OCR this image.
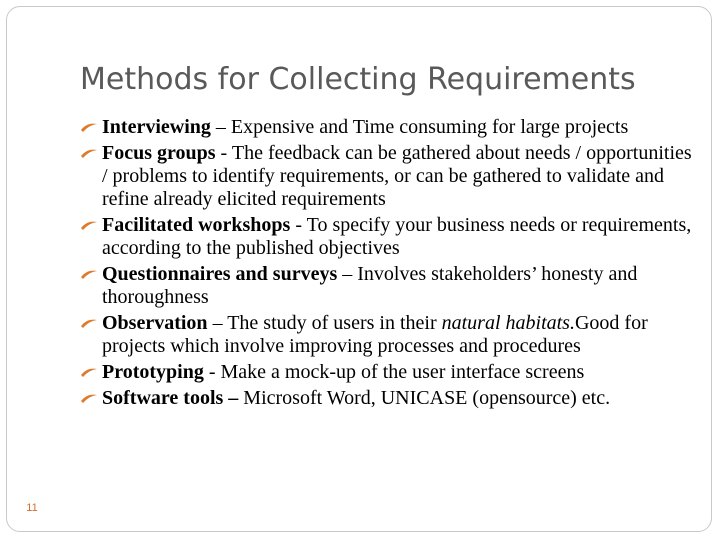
Methods for Collecting Requirements
Interviewing – Expensive and Time consuming for large projects
Focus groups - The feedback can be gathered about needs / opportunities / problems to identify requirements, or can be gathered to validate and refine already elicited requirements
Facilitated workshops - To specify your business needs or requirements, according to the published objectives
Questionnaires and surveys – Involves stakeholders’ honesty and thoroughness
Observation – The study of users in their natural habitats.Good for projects which involve improving processes and procedures
Prototyping - Make a mock-up of the user interface screens
Software tools – Microsoft Word, UNICASE (opensource) etc.
11
